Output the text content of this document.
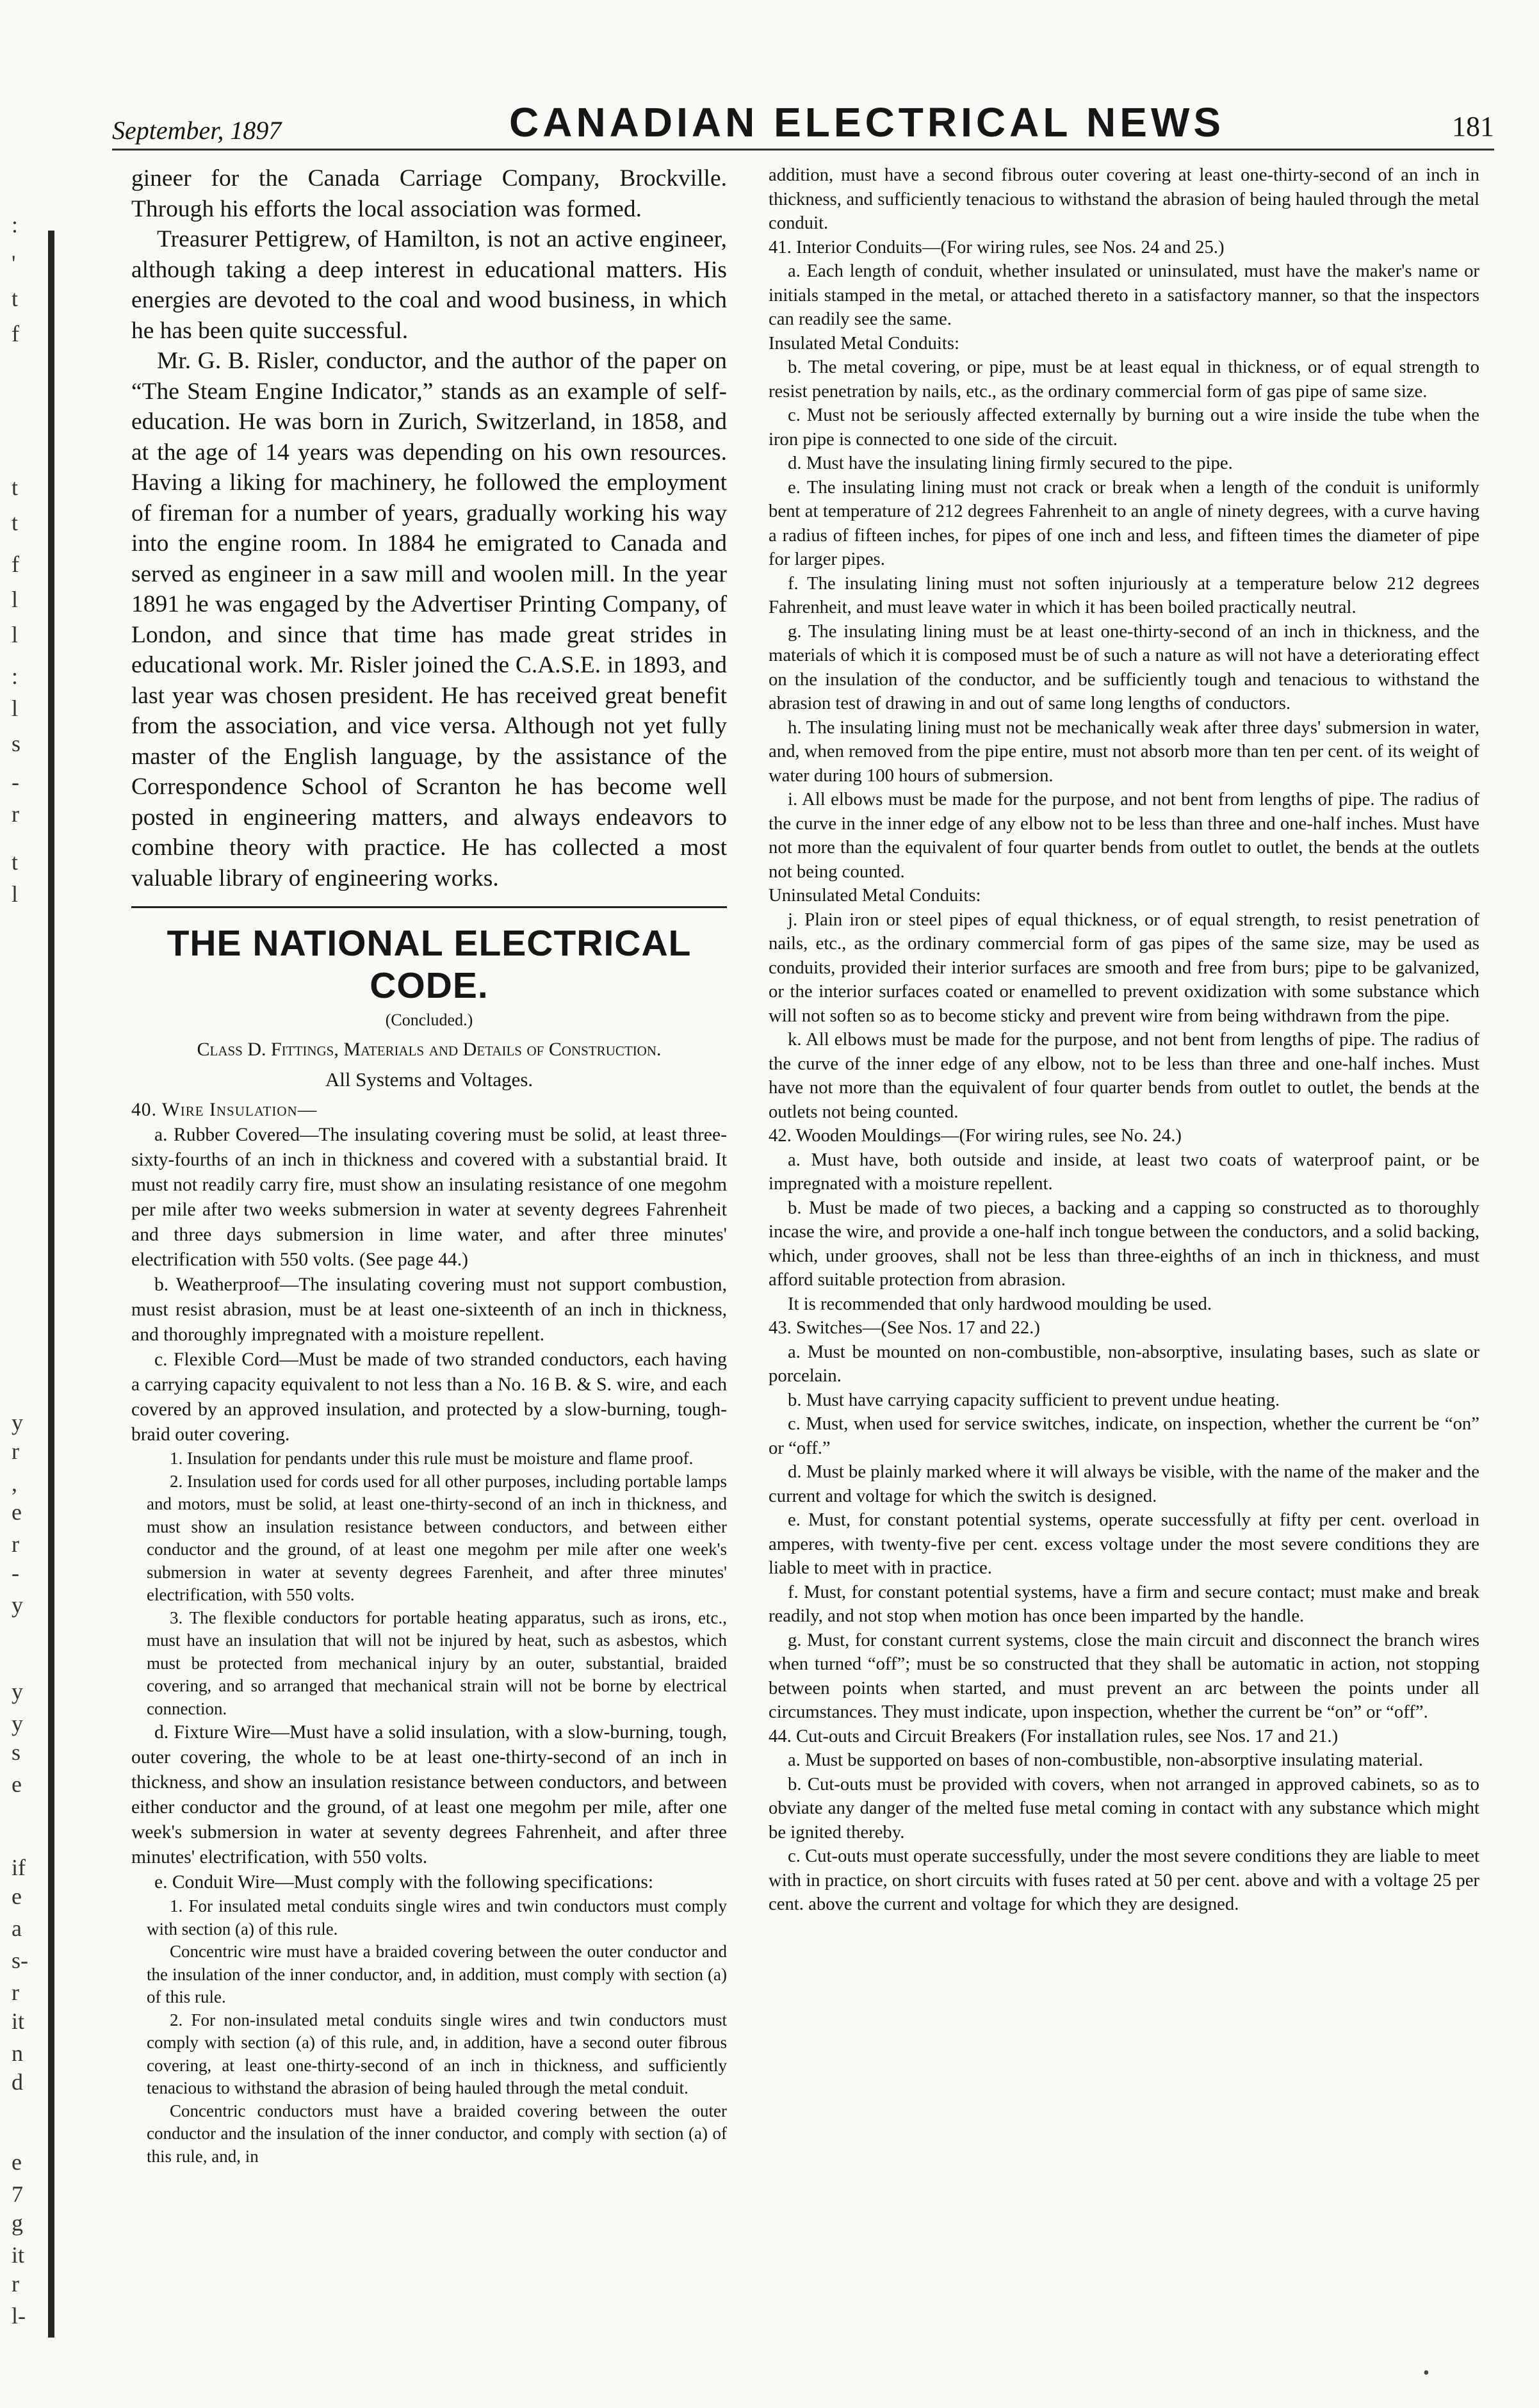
September, 1897	CANADIAN ELECTRICAL NEWS	181
:
'
t
f
t
t
f
l
l
:
l
s
-
r
t
l
y
r
,
e
r
-
y
y
y
s
e
if
e
a
s-
r
it
n
d
e
7
g
it
r
l-

gineer for the Canada Carriage Company, Brockville. Through his efforts the local association was formed.

Treasurer Pettigrew, of Hamilton, is not an active engineer, although taking a deep interest in educational matters. His energies are devoted to the coal and wood business, in which he has been quite successful.

Mr. G. B. Risler, conductor, and the author of the paper on “The Steam Engine Indicator,” stands as an example of self-education. He was born in Zurich, Switzerland, in 1858, and at the age of 14 years was depending on his own resources. Having a liking for machinery, he followed the employment of fireman for a number of years, gradually working his way into the engine room. In 1884 he emigrated to Canada and served as engineer in a saw mill and woolen mill. In the year 1891 he was engaged by the Advertiser Printing Company, of London, and since that time has made great strides in educational work. Mr. Risler joined the C.A.S.E. in 1893, and last year was chosen president. He has received great benefit from the association, and vice versa. Although not yet fully master of the English language, by the assistance of the Correspondence School of Scranton he has become well posted in engineering matters, and always endeavors to combine theory with practice. He has collected a most valuable library of engineering works.

THE NATIONAL ELECTRICAL CODE.
(Concluded.)
Class D. Fittings, Materials and Details of Construction.
All Systems and Voltages.

40. Wire Insulation—

a. Rubber Covered—The insulating covering must be solid, at least three-sixty-fourths of an inch in thickness and covered with a substantial braid. It must not readily carry fire, must show an insulating resistance of one megohm per mile after two weeks submersion in water at seventy degrees Fahrenheit and three days submersion in lime water, and after three minutes' electrification with 550 volts. (See page 44.)

b. Weatherproof—The insulating covering must not support combustion, must resist abrasion, must be at least one-sixteenth of an inch in thickness, and thoroughly impregnated with a moisture repellent.

c. Flexible Cord—Must be made of two stranded conductors, each having a carrying capacity equivalent to not less than a No. 16 B. & S. wire, and each covered by an approved insulation, and protected by a slow-burning, tough-braid outer covering.

1. Insulation for pendants under this rule must be moisture and flame proof.

2. Insulation used for cords used for all other purposes, including portable lamps and motors, must be solid, at least one-thirty-second of an inch in thickness, and must show an insulation resistance between conductors, and between either conductor and the ground, of at least one megohm per mile after one week's submersion in water at seventy degrees Farenheit, and after three minutes' electrification, with 550 volts.

3. The flexible conductors for portable heating apparatus, such as irons, etc., must have an insulation that will not be injured by heat, such as asbestos, which must be protected from mechanical injury by an outer, substantial, braided covering, and so arranged that mechanical strain will not be borne by electrical connection.

d. Fixture Wire—Must have a solid insulation, with a slow-burning, tough, outer covering, the whole to be at least one-thirty-second of an inch in thickness, and show an insulation resistance between conductors, and between either conductor and the ground, of at least one megohm per mile, after one week's submersion in water at seventy degrees Fahrenheit, and after three minutes' electrification, with 550 volts.

e. Conduit Wire—Must comply with the following specifications:

1. For insulated metal conduits single wires and twin conductors must comply with section (a) of this rule.

Concentric wire must have a braided covering between the outer conductor and the insulation of the inner conductor, and, in addition, must comply with section (a) of this rule.

2. For non-insulated metal conduits single wires and twin conductors must comply with section (a) of this rule, and, in addition, have a second outer fibrous covering, at least one-thirty-second of an inch in thickness, and sufficiently tenacious to withstand the abrasion of being hauled through the metal conduit.

Concentric conductors must have a braided covering between the outer conductor and the insulation of the inner conductor, and comply with section (a) of this rule, and, in

addition, must have a second fibrous outer covering at least one-thirty-second of an inch in thickness, and sufficiently tenacious to withstand the abrasion of being hauled through the metal conduit.

41. Interior Conduits—(For wiring rules, see Nos. 24 and 25.)

a. Each length of conduit, whether insulated or uninsulated, must have the maker's name or initials stamped in the metal, or attached thereto in a satisfactory manner, so that the inspectors can readily see the same.

Insulated Metal Conduits:

b. The metal covering, or pipe, must be at least equal in thickness, or of equal strength to resist penetration by nails, etc., as the ordinary commercial form of gas pipe of same size.

c. Must not be seriously affected externally by burning out a wire inside the tube when the iron pipe is connected to one side of the circuit.

d. Must have the insulating lining firmly secured to the pipe.

e. The insulating lining must not crack or break when a length of the conduit is uniformly bent at temperature of 212 degrees Fahrenheit to an angle of ninety degrees, with a curve having a radius of fifteen inches, for pipes of one inch and less, and fifteen times the diameter of pipe for larger pipes.

f. The insulating lining must not soften injuriously at a temperature below 212 degrees Fahrenheit, and must leave water in which it has been boiled practically neutral.

g. The insulating lining must be at least one-thirty-second of an inch in thickness, and the materials of which it is composed must be of such a nature as will not have a deteriorating effect on the insulation of the conductor, and be sufficiently tough and tenacious to withstand the abrasion test of drawing in and out of same long lengths of conductors.

h. The insulating lining must not be mechanically weak after three days' submersion in water, and, when removed from the pipe entire, must not absorb more than ten per cent. of its weight of water during 100 hours of submersion.

i. All elbows must be made for the purpose, and not bent from lengths of pipe. The radius of the curve in the inner edge of any elbow not to be less than three and one-half inches. Must have not more than the equivalent of four quarter bends from outlet to outlet, the bends at the outlets not being counted.

Uninsulated Metal Conduits:

j. Plain iron or steel pipes of equal thickness, or of equal strength, to resist penetration of nails, etc., as the ordinary commercial form of gas pipes of the same size, may be used as conduits, provided their interior surfaces are smooth and free from burs; pipe to be galvanized, or the interior surfaces coated or enamelled to prevent oxidization with some substance which will not soften so as to become sticky and prevent wire from being withdrawn from the pipe.

k. All elbows must be made for the purpose, and not bent from lengths of pipe. The radius of the curve of the inner edge of any elbow, not to be less than three and one-half inches. Must have not more than the equivalent of four quarter bends from outlet to outlet, the bends at the outlets not being counted.

42. Wooden Mouldings—(For wiring rules, see No. 24.)

a. Must have, both outside and inside, at least two coats of waterproof paint, or be impregnated with a moisture repellent.

b. Must be made of two pieces, a backing and a capping so constructed as to thoroughly incase the wire, and provide a one-half inch tongue between the conductors, and a solid backing, which, under grooves, shall not be less than three-eighths of an inch in thickness, and must afford suitable protection from abrasion.

It is recommended that only hardwood moulding be used.

43. Switches—(See Nos. 17 and 22.)

a. Must be mounted on non-combustible, non-absorptive, insulating bases, such as slate or porcelain.

b. Must have carrying capacity sufficient to prevent undue heating.

c. Must, when used for service switches, indicate, on inspection, whether the current be “on” or “off.”

d. Must be plainly marked where it will always be visible, with the name of the maker and the current and voltage for which the switch is designed.

e. Must, for constant potential systems, operate successfully at fifty per cent. overload in amperes, with twenty-five per cent. excess voltage under the most severe conditions they are liable to meet with in practice.

f. Must, for constant potential systems, have a firm and secure contact; must make and break readily, and not stop when motion has once been imparted by the handle.

g. Must, for constant current systems, close the main circuit and disconnect the branch wires when turned “off”; must be so constructed that they shall be automatic in action, not stopping between points when started, and must prevent an arc between the points under all circumstances. They must indicate, upon inspection, whether the current be “on” or “off”.

44. Cut-outs and Circuit Breakers (For installation rules, see Nos. 17 and 21.)

a. Must be supported on bases of non-combustible, non-absorptive insulating material.

b. Cut-outs must be provided with covers, when not arranged in approved cabinets, so as to obviate any danger of the melted fuse metal coming in contact with any substance which might be ignited thereby.

c. Cut-outs must operate successfully, under the most severe conditions they are liable to meet with in practice, on short circuits with fuses rated at 50 per cent. above and with a voltage 25 per cent. above the current and voltage for which they are designed.

•
